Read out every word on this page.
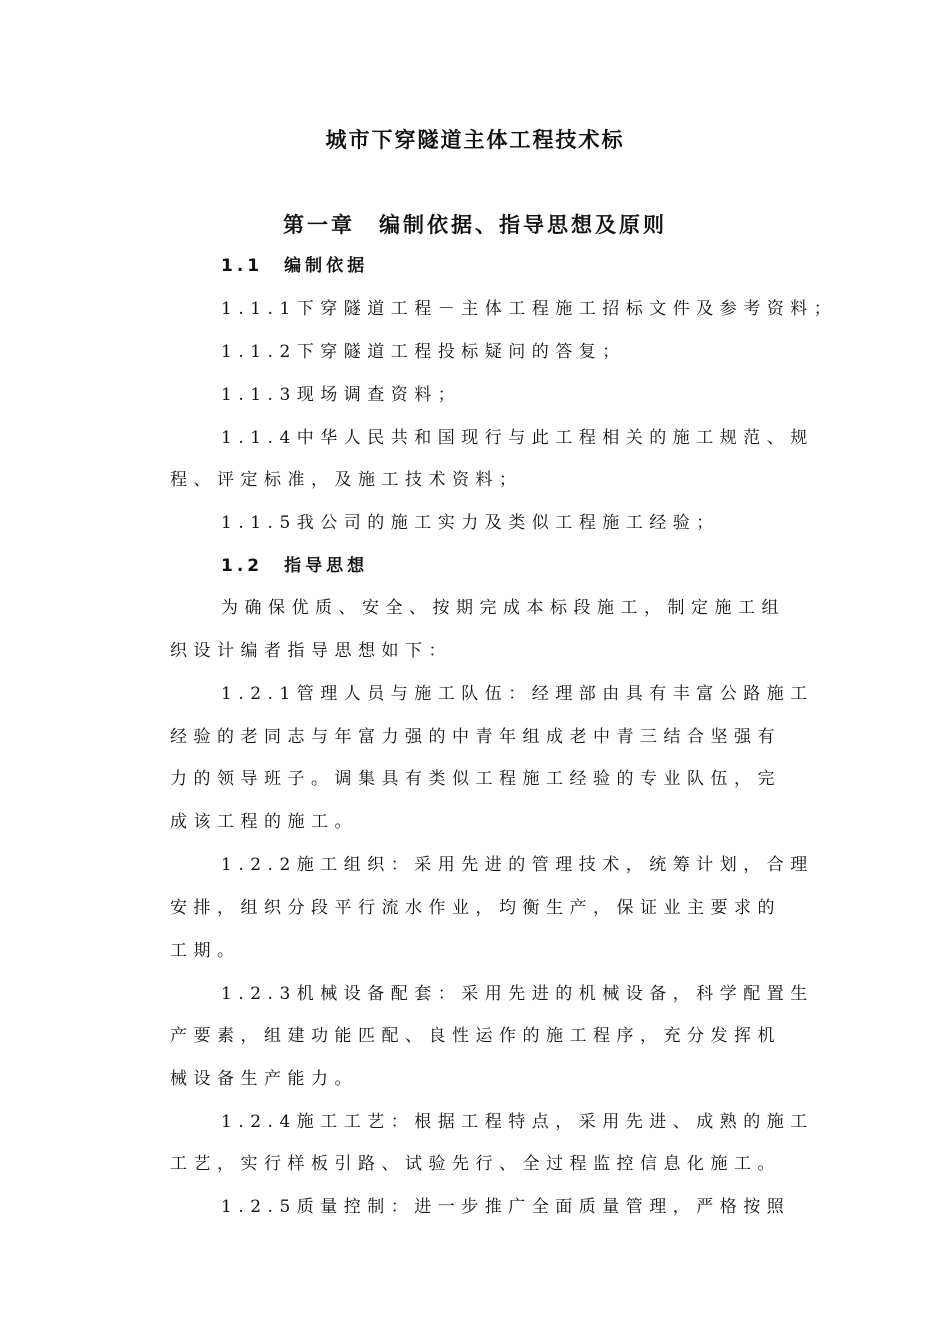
城市下穿隧道主体工程技术标
第一章　编制依据、指导思想及原则
1.1　编制依据
1.1.1下穿隧道工程－主体工程施工招标文件及参考资料；
1.1.2下穿隧道工程投标疑问的答复；
1.1.3现场调查资料；
1.1.4中华人民共和国现行与此工程相关的施工规范、规
程、评定标准，及施工技术资料；
1.1.5我公司的施工实力及类似工程施工经验；
1.2　指导思想
为确保优质、安全、按期完成本标段施工，制定施工组
织设计编者指导思想如下：
1.2.1管理人员与施工队伍：经理部由具有丰富公路施工
经验的老同志与年富力强的中青年组成老中青三结合坚强有
力的领导班子。调集具有类似工程施工经验的专业队伍，完
成该工程的施工。
1.2.2施工组织：采用先进的管理技术，统筹计划，合理
安排，组织分段平行流水作业，均衡生产，保证业主要求的
工期。
1.2.3机械设备配套：采用先进的机械设备，科学配置生
产要素，组建功能匹配、良性运作的施工程序，充分发挥机
械设备生产能力。
1.2.4施工工艺：根据工程特点，采用先进、成熟的施工
工艺，实行样板引路、试验先行、全过程监控信息化施工。
1.2.5质量控制：进一步推广全面质量管理，严格按照
